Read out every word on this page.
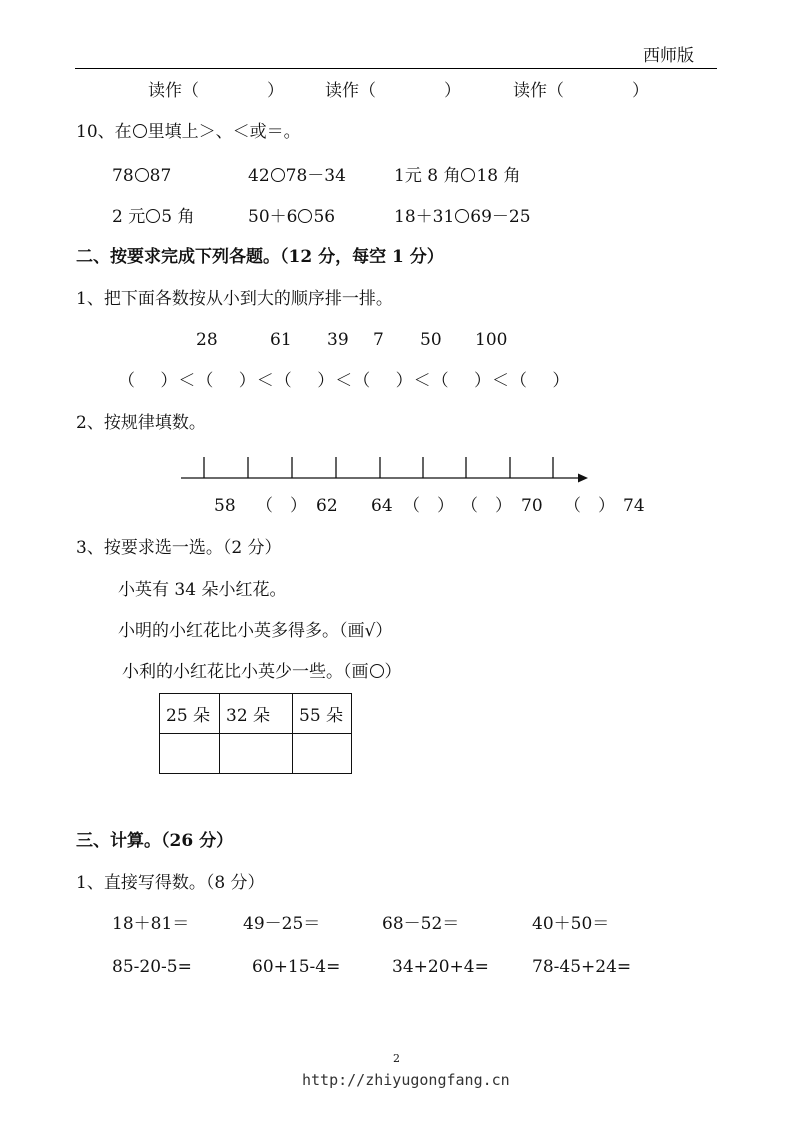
西师版
读作（　　　　） 读作（　　　　）	读作（　　　　）
10、在 里填上＞、＜或＝。
78 87	42 78－34	1元 8 角 18 角
2 元 5 角	50＋6 56	18＋31 69－25
二、按要求完成下列各题。（12 分，每空 1 分）
1、把下面各数按从小到大的顺序排一排。
28	61 39 7 50 100
（　 ）＜（　 ）＜（　 ）＜（　 ）＜（　 ）＜（　 ）
2、按规律填数。
58 （　） 62 64 （　） （　） 70 （　） 74
3、按要求选一选。（2 分）
小英有 34 朵小红花。
小明的小红花比小英多得多。（画√）
小利的小红花比小英少一些。（画 ）
25 朵	32 朵	55 朵

三、计算。（26 分）
1、直接写得数。（8 分）
18＋81＝	49－25＝	68－52＝	40＋50＝
85-20-5=	60+15-4=	34+20+4=	78-45+24=
2
http://zhiyugongfang.cn
